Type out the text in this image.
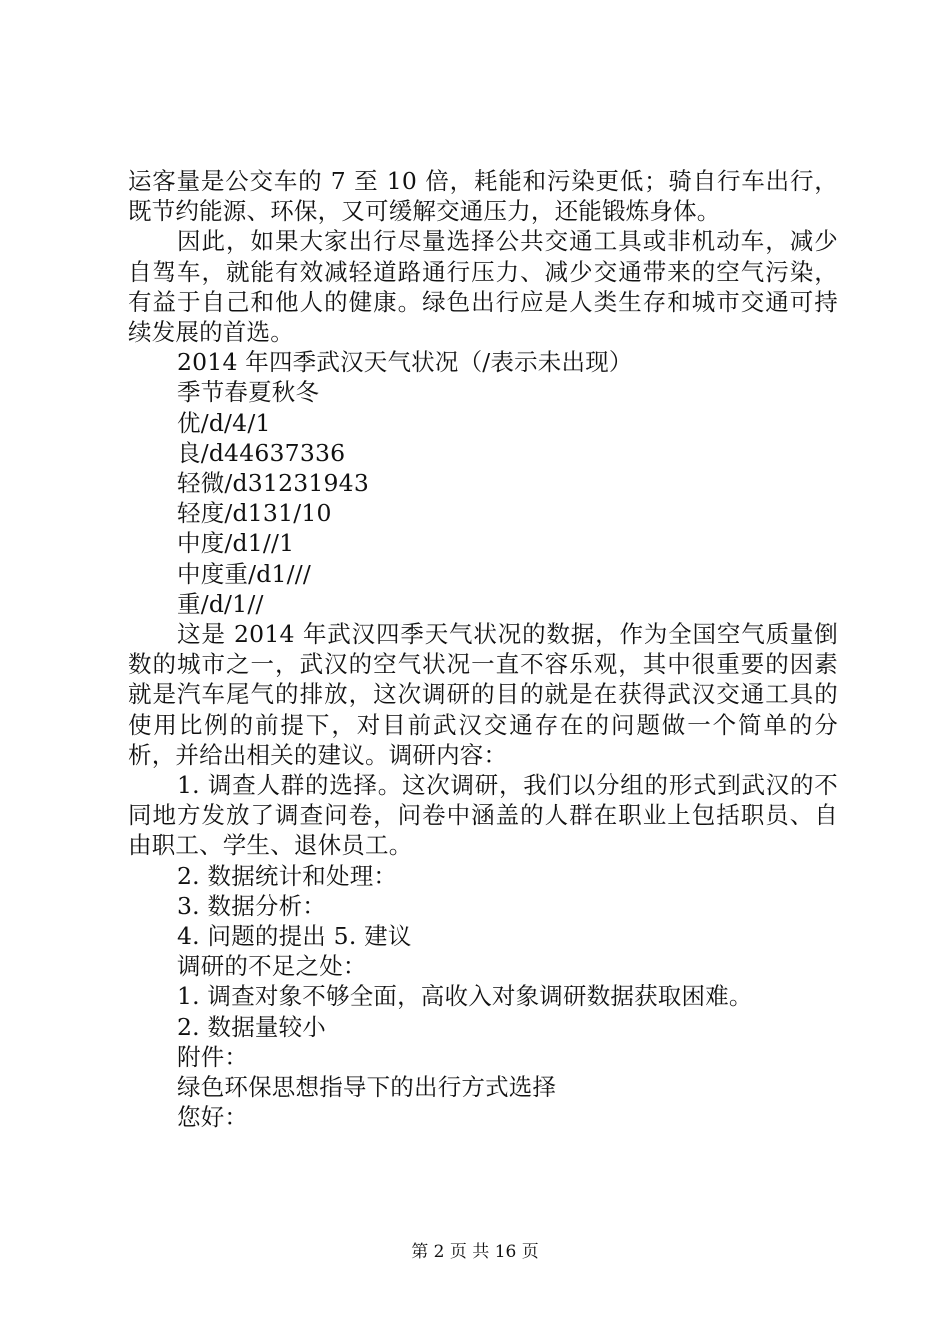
运客量是公交车的 7 至 10 倍，耗能和污染更低；骑自行车出行，既节约能源、环保，又可缓解交通压力，还能锻炼身体。

因此，如果大家出行尽量选择公共交通工具或非机动车，减少自驾车，就能有效减轻道路通行压力、减少交通带来的空气污染，有益于自己和他人的健康。绿色出行应是人类生存和城市交通可持续发展的首选。

2014 年四季武汉天气状况（/表示未出现）

季节春夏秋冬

优/d/4/1

良/d44637336

轻微/d31231943

轻度/d131/10

中度/d1//1

中度重/d1///

重/d/1//

这是 2014 年武汉四季天气状况的数据，作为全国空气质量倒数的城市之一，武汉的空气状况一直不容乐观，其中很重要的因素就是汽车尾气的排放，这次调研的目的就是在获得武汉交通工具的使用比例的前提下，对目前武汉交通存在的问题做一个简单的分析，并给出相关的建议。调研内容：

1. 调查人群的选择。这次调研，我们以分组的形式到武汉的不同地方发放了调查问卷，问卷中涵盖的人群在职业上包括职员、自由职工、学生、退休员工。

2. 数据统计和处理：

3. 数据分析：

4. 问题的提出 5. 建议

调研的不足之处：

1. 调查对象不够全面，高收入对象调研数据获取困难。

2. 数据量较小

附件：

绿色环保思想指导下的出行方式选择

您好：

第 2 页 共 16 页
